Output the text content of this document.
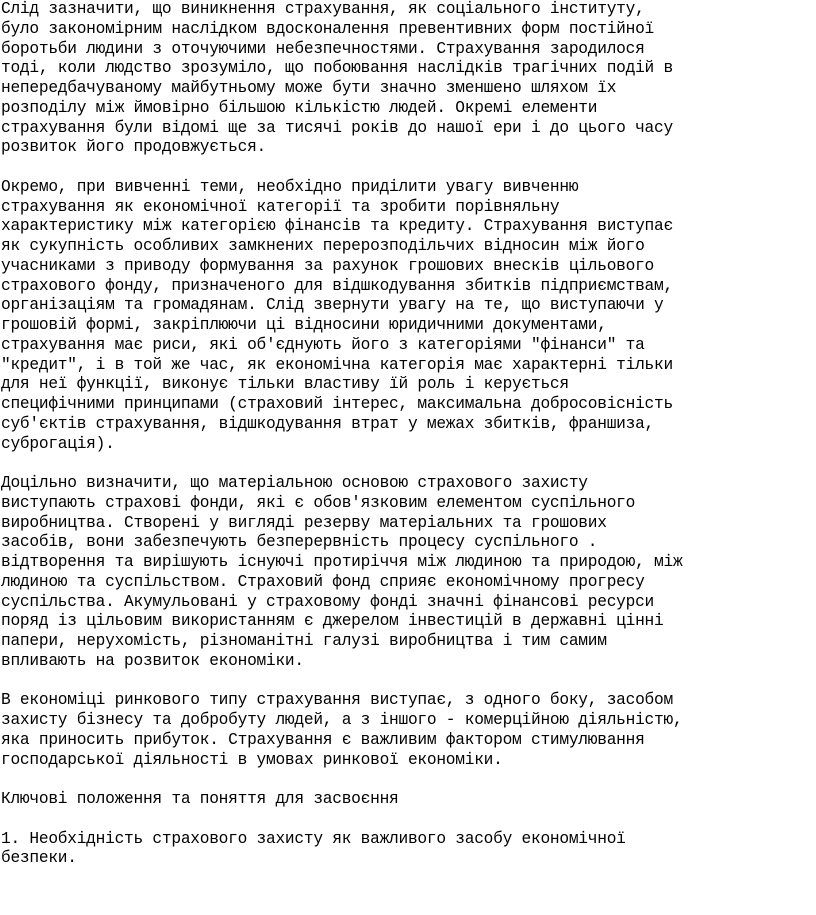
Слід зазначити, що виникнення страхування, як соціального інституту,
було закономірним наслідком вдосконалення превентивних форм постійної
боротьби людини з оточуючими небезпечностями. Страхування зародилося
тоді, коли людство зрозуміло, що побоювання наслідків трагічних подій в
непередбачуваному майбутньому може бути значно зменшено шляхом їх
розподілу між ймовірно більшою кількістю людей. Окремі елементи
страхування були відомі ще за тисячі років до нашої ери і до цього часу
розвиток його продовжується.
Окремо, при вивченні теми, необхідно приділити увагу вивченню
страхування як економічної категорії та зробити порівняльну
характеристику між категорією фінансів та кредиту. Страхування виступає
як сукупність особливих замкнених перерозподільчих відносин між його
учасниками з приводу формування за рахунок грошових внесків цільового
страхового фонду, призначеного для відшкодування збитків підприємствам,
організаціям та громадянам. Слід звернути увагу на те, що виступаючи у
грошовій формі, закріплюючи ці відносини юридичними документами,
страхування має риси, які об'єднують його з категоріями "фінанси" та
"кредит", і в той же час, як економічна категорія має характерні тільки
для неї функції, виконує тільки властиву їй роль і керується
специфічними принципами (страховий інтерес, максимальна добросовісність
суб'єктів страхування, відшкодування втрат у межах збитків, франшиза,
суброгація).
Доцільно визначити, що матеріальною основою страхового захисту
виступають страхові фонди, які є обов'язковим елементом суспільного
виробництва. Створені у вигляді резерву матеріальних та грошових
засобів, вони забезпечують безперервність процесу суспільного .
відтворення та вирішують існуючі протиріччя між людиною та природою, між
людиною та суспільством. Страховий фонд сприяє економічному прогресу
суспільства. Акумульовані у страховому фонді значні фінансові ресурси
поряд із цільовим використанням є джерелом інвестицій в державні цінні
папери, нерухомість, різноманітні галузі виробництва і тим самим
впливають на розвиток економіки.
В економіці ринкового типу страхування виступає, з одного боку, засобом
захисту бізнесу та добробуту людей, а з іншого - комерційною діяльністю,
яка приносить прибуток. Страхування є важливим фактором стимулювання
господарської діяльності в умовах ринкової економіки.
Ключові положення та поняття для засвоєння
1. Необхідність страхового захисту як важливого засобу економічної
безпеки.
